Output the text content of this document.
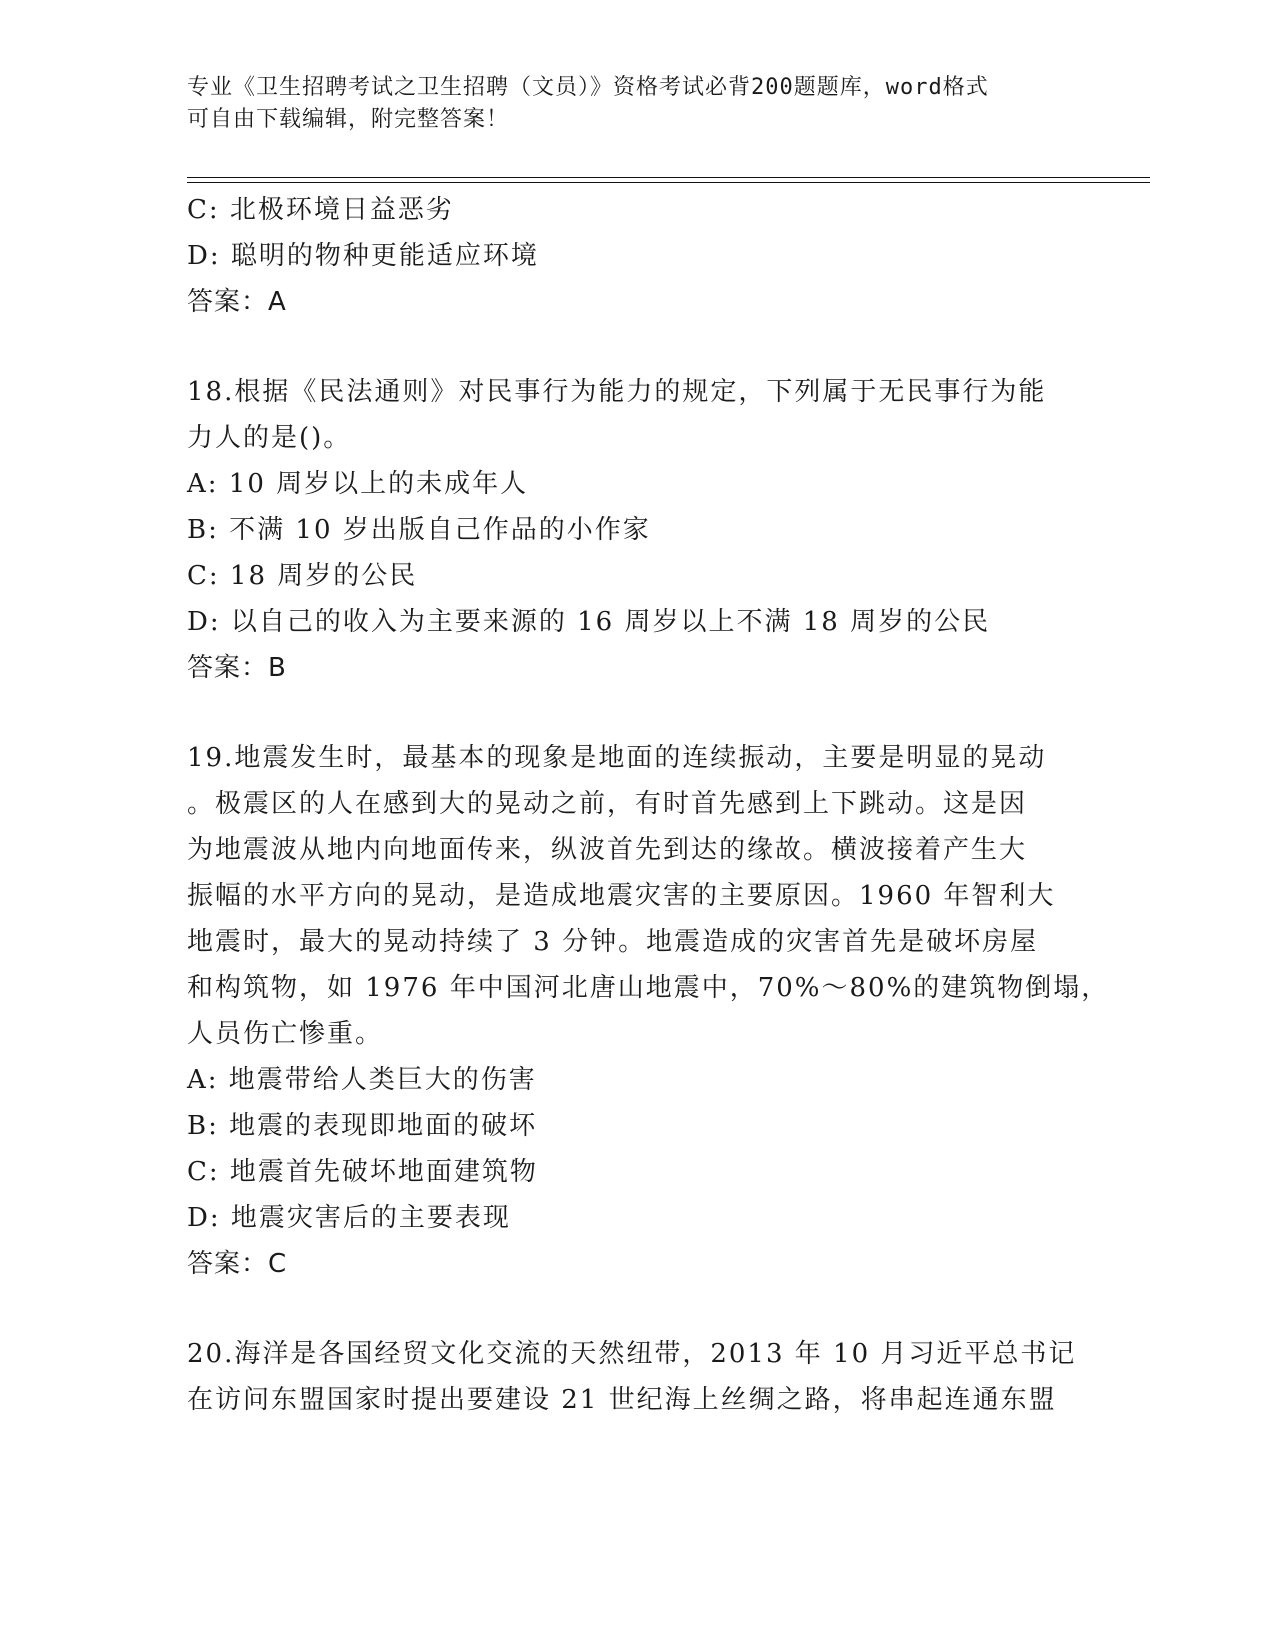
专业《卫生招聘考试之卫生招聘（文员）》资格考试必背200题题库，word格式
可自由下载编辑，附完整答案！
C: 北极环境日益恶劣
D: 聪明的物种更能适应环境
答案：A
18.根据《民法通则》对民事行为能力的规定，下列属于无民事行为能
力人的是()。
A: 10 周岁以上的未成年人
B: 不满 10 岁出版自己作品的小作家
C: 18 周岁的公民
D: 以自己的收入为主要来源的 16 周岁以上不满 18 周岁的公民
答案：B
19.地震发生时，最基本的现象是地面的连续振动，主要是明显的晃动
。极震区的人在感到大的晃动之前，有时首先感到上下跳动。这是因
为地震波从地内向地面传来，纵波首先到达的缘故。横波接着产生大
振幅的水平方向的晃动，是造成地震灾害的主要原因。1960 年智利大
地震时，最大的晃动持续了 3 分钟。地震造成的灾害首先是破坏房屋
和构筑物，如 1976 年中国河北唐山地震中，70%～80%的建筑物倒塌，
人员伤亡惨重。
A: 地震带给人类巨大的伤害
B: 地震的表现即地面的破坏
C: 地震首先破坏地面建筑物
D: 地震灾害后的主要表现
答案：C
20.海洋是各国经贸文化交流的天然纽带，2013 年 10 月习近平总书记
在访问东盟国家时提出要建设 21 世纪海上丝绸之路，将串起连通东盟
